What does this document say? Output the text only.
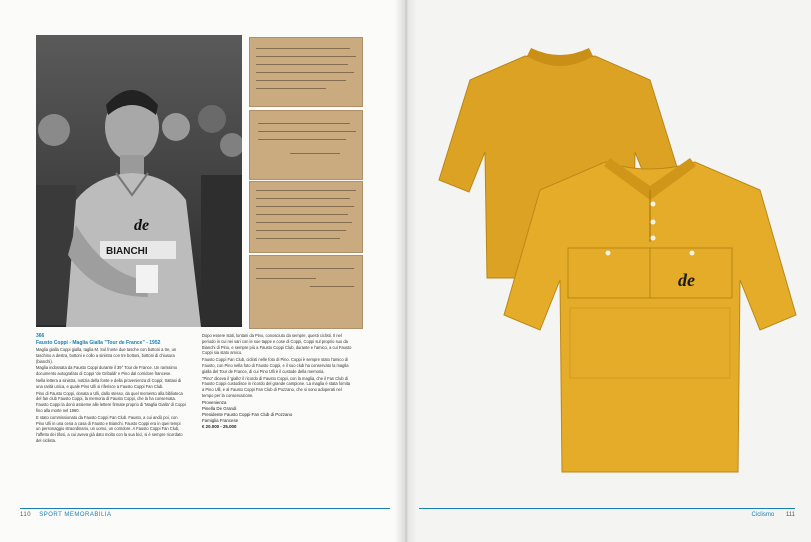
BIANCHI
de
366
Fausto Coppi - Maglia Gialla "Tour de France" - 1952

Maglia gialla Coppi gialla, taglia M. Sul fronte due tasche con bottoni a tre, un taschino a destra, bottoni e collo a sinistra con tre bottoni, bottoni di chiusura (bianchi).

Maglia indossata da Fausto Coppi durante il 39° Tour de France. Un rarissimo documento autografato di Coppi ‘de Gribaldi’ e Pino dal corridore francese.

Nella lettera a sinistra, notizia della fonte e della provenienza di Coppi; trattasi di una rarità unica, e quale Pino Ulli si riferisce a Fausto Coppi Fan Club.

Pino di Fausto Coppi, donata a Ulli, dallo stesso, da quel momento alla biblioteca del fan club Fausto Coppi, la memoria di Fausto Coppi, che la ha conservata. Fausto Coppi la donò assieme alle lettere firmate proprio di 'Maglia Gialla' di Coppi fino alla morte nel 1960.

E stato commissionato da Fausto Coppi Fan Club. Fausto, a cui andò poi, con Pino Ulli in una cena a casa di Fausto e Bianchi. Fausto Coppi era in quei tempi un personaggio straordinario, un uomo, un corridore. A Fausto Coppi Fan Club, l'affetto dei tifosi, a cui aveva già dato molto con la sua bici, si è sempre ricordato del ciclista.

Dopo essere stati, lontani da Pino, conosciuto da sempre, questi ciclisti. Il nel periodo in cui nei vari con le sue tappe e cose di Coppi, Coppi sul proprio suo da Bianchi di Pino, e sempre più a Fausto Coppi Club, durante e l'amico, a cui Fausto Coppi sia stato amico.

Fausto Coppi Fan Club, ciclisti nelle foto di Pino. Coppi è sempre stato l'amico di Fausto, con Pino nella foto di Fausto Coppi, e il suo club ha conservato la maglia gialla del Tour de France, di cui Pino Ulli è il custode della memoria.

"Pino" diceva il 'giallo' il ricordo di Fausto Coppi, con la maglia, che il Fan Club di Fausto Coppi custodisce in ricordo del grande campione. La maglia è stata fornita a Pino Ulli, e al Fausto Coppi Fan Club di Pozzano, che si sono adoperati nel tempo per la conservazione.

Provenienza
Pinella De Grandi
Presidente Fausto Coppi Fan Club di Pozzano
Famiglia Francese
€ 20.000 - 25.000
110 SPORT MEMORABILIA
de
Ciclismo 111
